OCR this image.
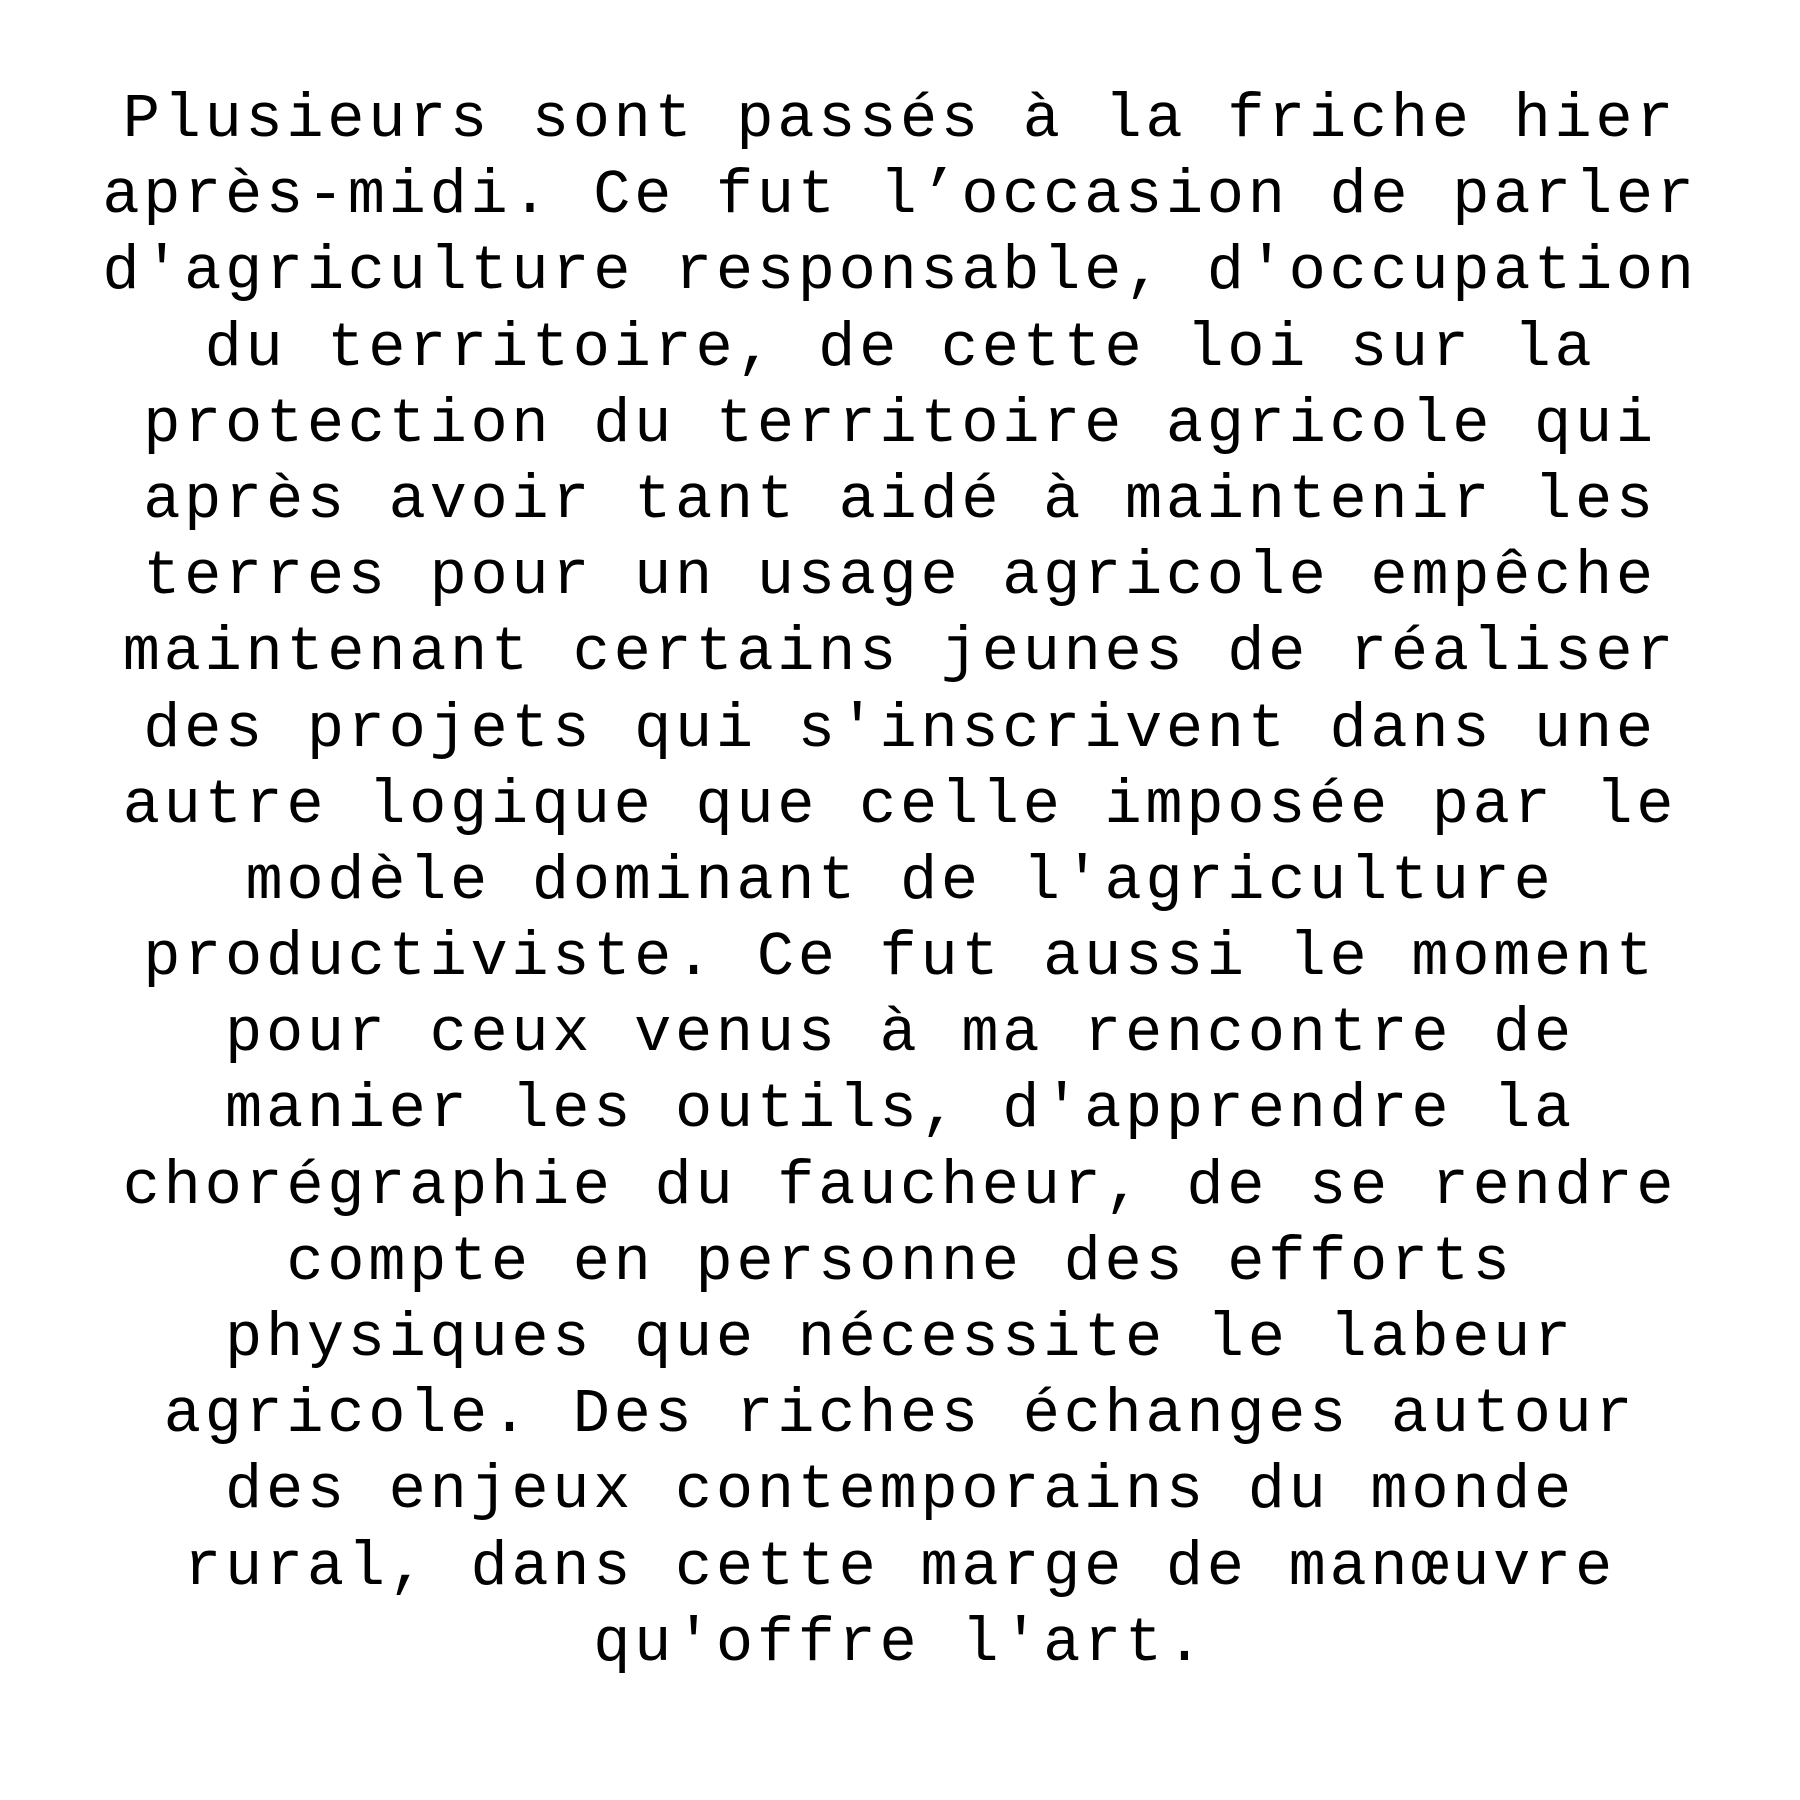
Plusieurs sont passés à la friche hier
après-midi. Ce fut l’occasion de parler
d'agriculture responsable, d'occupation
du territoire, de cette loi sur la
protection du territoire agricole qui
après avoir tant aidé à maintenir les
terres pour un usage agricole empêche
maintenant certains jeunes de réaliser
des projets qui s'inscrivent dans une
autre logique que celle imposée par le
modèle dominant de l'agriculture
productiviste. Ce fut aussi le moment
pour ceux venus à ma rencontre de
manier les outils, d'apprendre la
chorégraphie du faucheur, de se rendre
compte en personne des efforts
physiques que nécessite le labeur
agricole. Des riches échanges autour
des enjeux contemporains du monde
rural, dans cette marge de manœuvre
qu'offre l'art.
